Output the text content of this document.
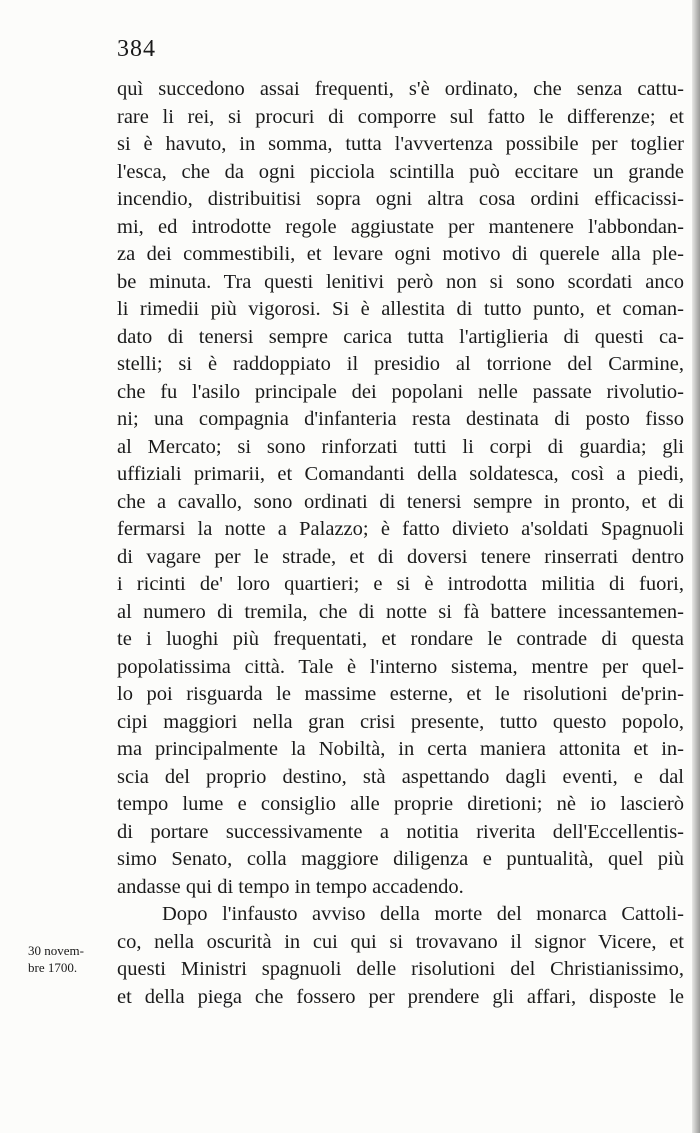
384
quì succedono assai frequenti, s'è ordinato, che senza cattu-
rare li rei, si procuri di comporre sul fatto le differenze; et
si è havuto, in somma, tutta l'avvertenza possibile per toglier
l'esca, che da ogni picciola scintilla può eccitare un grande
incendio, distribuitisi sopra ogni altra cosa ordini efficacissi-
mi, ed introdotte regole aggiustate per mantenere l'abbondan-
za dei commestibili, et levare ogni motivo di querele alla ple-
be minuta. Tra questi lenitivi però non si sono scordati anco
li rimedii più vigorosi. Si è allestita di tutto punto, et coman-
dato di tenersi sempre carica tutta l'artiglieria di questi ca-
stelli; si è raddoppiato il presidio al torrione del Carmine,
che fu l'asilo principale dei popolani nelle passate rivolutio-
ni; una compagnia d'infanteria resta destinata di posto fisso
al Mercato; si sono rinforzati tutti li corpi di guardia; gli
uffiziali primarii, et Comandanti della soldatesca, così a piedi,
che a cavallo, sono ordinati di tenersi sempre in pronto, et di
fermarsi la notte a Palazzo; è fatto divieto a'soldati Spagnuoli
di vagare per le strade, et di doversi tenere rinserrati dentro
i ricinti de' loro quartieri; e si è introdotta militia di fuori,
al numero di tremila, che di notte si fà battere incessantemen-
te i luoghi più frequentati, et rondare le contrade di questa
popolatissima città. Tale è l'interno sistema, mentre per quel-
lo poi risguarda le massime esterne, et le risolutioni de'prin-
cipi maggiori nella gran crisi presente, tutto questo popolo,
ma principalmente la Nobiltà, in certa maniera attonita et in-
scia del proprio destino, stà aspettando dagli eventi, e dal
tempo lume e consiglio alle proprie diretioni; nè io lascierò
di portare successivamente a notitia riverita dell'Eccellentis-
simo Senato, colla maggiore diligenza e puntualità, quel più
andasse qui di tempo in tempo accadendo.
Dopo l'infausto avviso della morte del monarca Cattoli-
co, nella oscurità in cui qui si trovavano il signor Vicere, et
questi Ministri spagnuoli delle risolutioni del Christianissimo,
et della piega che fossero per prendere gli affari, disposte le
30 novem-
bre 1700.
